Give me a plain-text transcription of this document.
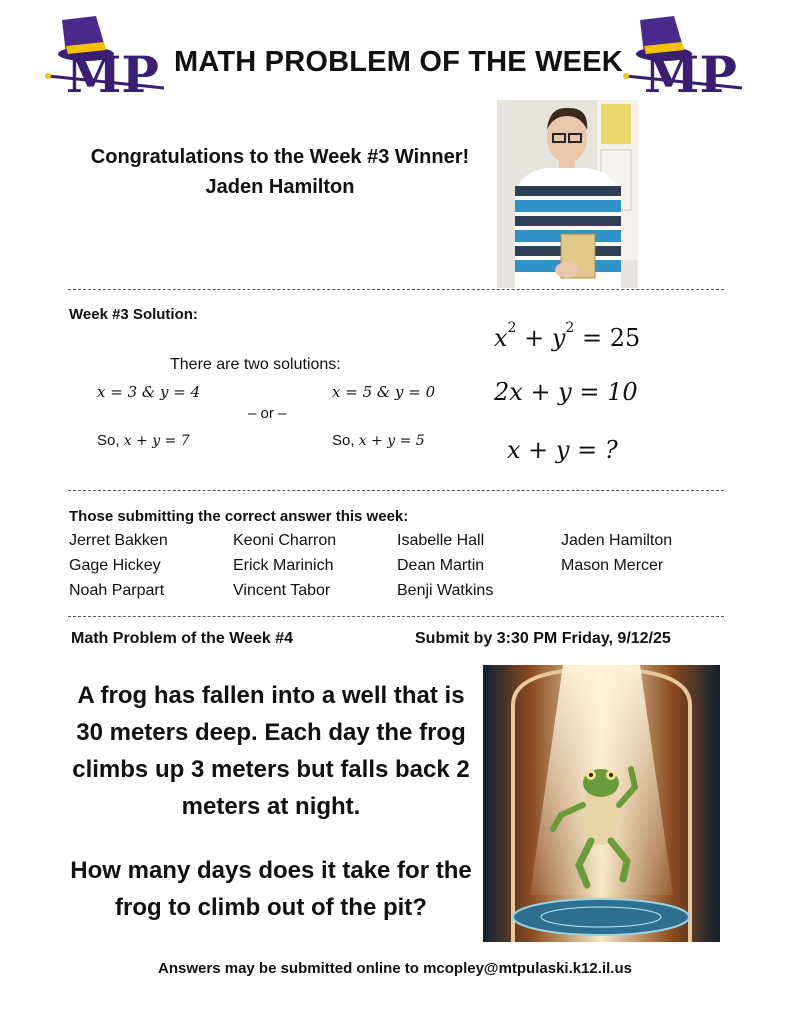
MP	MP
MATH PROBLEM OF THE WEEK
Congratulations to the Week #3 Winner!
Jaden Hamilton
Week #3 Solution:
There are two solutions:
x = 3 & y = 4	x = 5 & y = 0
– or –
So, x + y = 7	So, x + y = 5
$x^2 + y^2 = 25$
2x + y = 10
x + y = ?
Those submitting the correct answer this week:
Jerret Bakken	Keoni Charron	Isabelle Hall	Jaden Hamilton
Gage Hickey	Erick Marinich	Dean Martin	Mason Mercer
Noah Parpart	Vincent Tabor	Benji Watkins
Math Problem of the Week #4	Submit by 3:30 PM Friday, 9/12/25
A frog has fallen into a well that is 30 meters deep. Each day the frog climbs up 3 meters but falls back 2 meters at night.
How many days does it take for the frog to climb out of the pit?
Answers may be submitted online to mcopley@mtpulaski.k12.il.us
